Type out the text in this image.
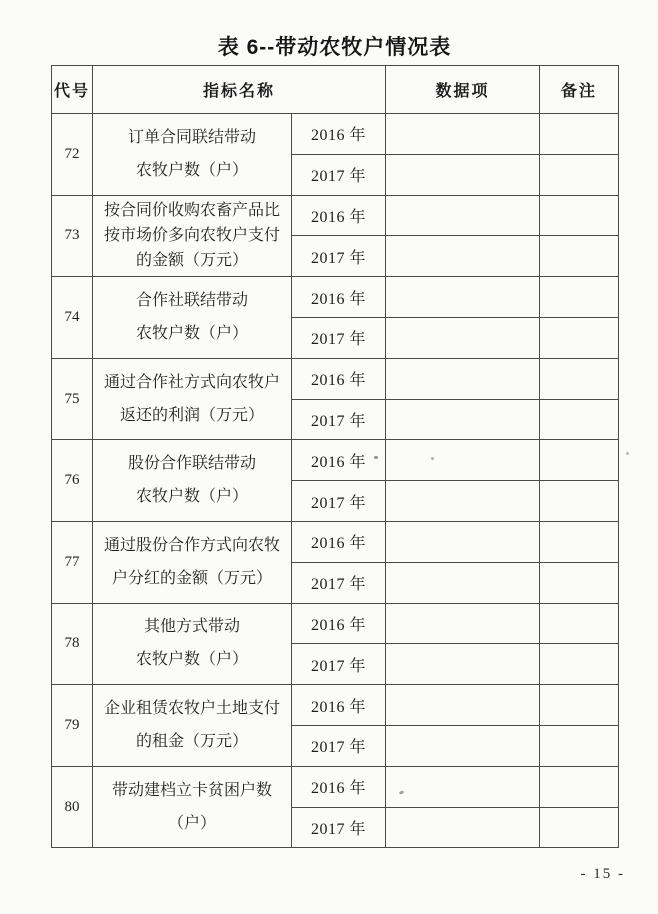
表 6--带动农牧户情况表
代号	指标名称		数据项	备注
72	订单合同联结带动
农牧户数（户）	2016 年		
		2017 年		
73	按合同价收购农畜产品比
按市场价多向农牧户支付
的金额（万元）	2016 年		
		2017 年		
74	合作社联结带动
农牧户数（户）	2016 年		
		2017 年		
75	通过合作社方式向农牧户
返还的利润（万元）	2016 年		
		2017 年		
76	股份合作联结带动
农牧户数（户）	2016 年		
		2017 年		
77	通过股份合作方式向农牧
户分红的金额（万元）	2016 年		
		2017 年		
78	其他方式带动
农牧户数（户）	2016 年		
		2017 年		
79	企业租赁农牧户土地支付
的租金（万元）	2016 年		
		2017 年		
80	带动建档立卡贫困户数
（户）	2016 年		
		2017 年		
- 15 -
